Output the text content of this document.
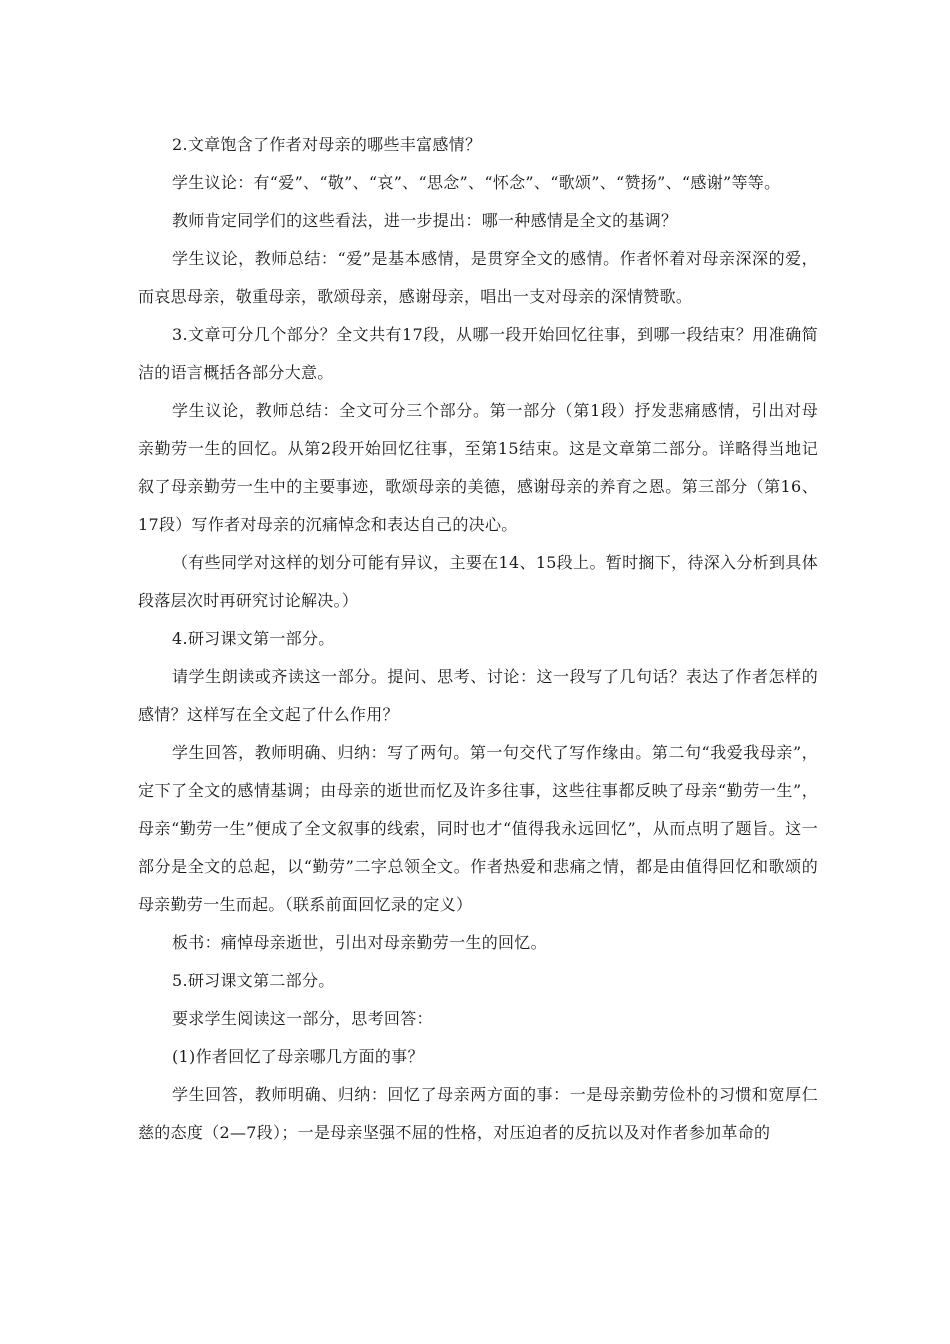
2.文章饱含了作者对母亲的哪些丰富感情？

学生议论：有“爱”、“敬”、“哀”、“思念”、“怀念”、“歌颂”、“赞扬”、“感谢”等等。

教师肯定同学们的这些看法，进一步提出：哪一种感情是全文的基调？

学生议论，教师总结：“爱”是基本感情，是贯穿全文的感情。作者怀着对母亲深深的爱，而哀思母亲，敬重母亲，歌颂母亲，感谢母亲，唱出一支对母亲的深情赞歌。

3.文章可分几个部分？全文共有17段，从哪一段开始回忆往事，到哪一段结束？用准确简洁的语言概括各部分大意。

学生议论，教师总结：全文可分三个部分。第一部分（第1段）抒发悲痛感情，引出对母亲勤劳一生的回忆。从第2段开始回忆往事，至第15结束。这是文章第二部分。详略得当地记叙了母亲勤劳一生中的主要事迹，歌颂母亲的美德，感谢母亲的养育之恩。第三部分（第16、17段）写作者对母亲的沉痛悼念和表达自己的决心。

（有些同学对这样的划分可能有异议，主要在14、15段上。暂时搁下，待深入分析到具体段落层次时再研究讨论解决。）

4.研习课文第一部分。

请学生朗读或齐读这一部分。提问、思考、讨论：这一段写了几句话？表达了作者怎样的感情？这样写在全文起了什么作用？

学生回答，教师明确、归纳：写了两句。第一句交代了写作缘由。第二句“我爱我母亲”，定下了全文的感情基调；由母亲的逝世而忆及许多往事，这些往事都反映了母亲“勤劳一生”，母亲“勤劳一生”便成了全文叙事的线索，同时也才“值得我永远回忆”，从而点明了题旨。这一部分是全文的总起，以“勤劳”二字总领全文。作者热爱和悲痛之情，都是由值得回忆和歌颂的母亲勤劳一生而起。（联系前面回忆录的定义）

板书：痛悼母亲逝世，引出对母亲勤劳一生的回忆。

5.研习课文第二部分。

要求学生阅读这一部分，思考回答：

(1)作者回忆了母亲哪几方面的事？

学生回答，教师明确、归纳：回忆了母亲两方面的事：一是母亲勤劳俭朴的习惯和宽厚仁慈的态度（2—7段）；一是母亲坚强不屈的性格，对压迫者的反抗以及对作者参加革命的
